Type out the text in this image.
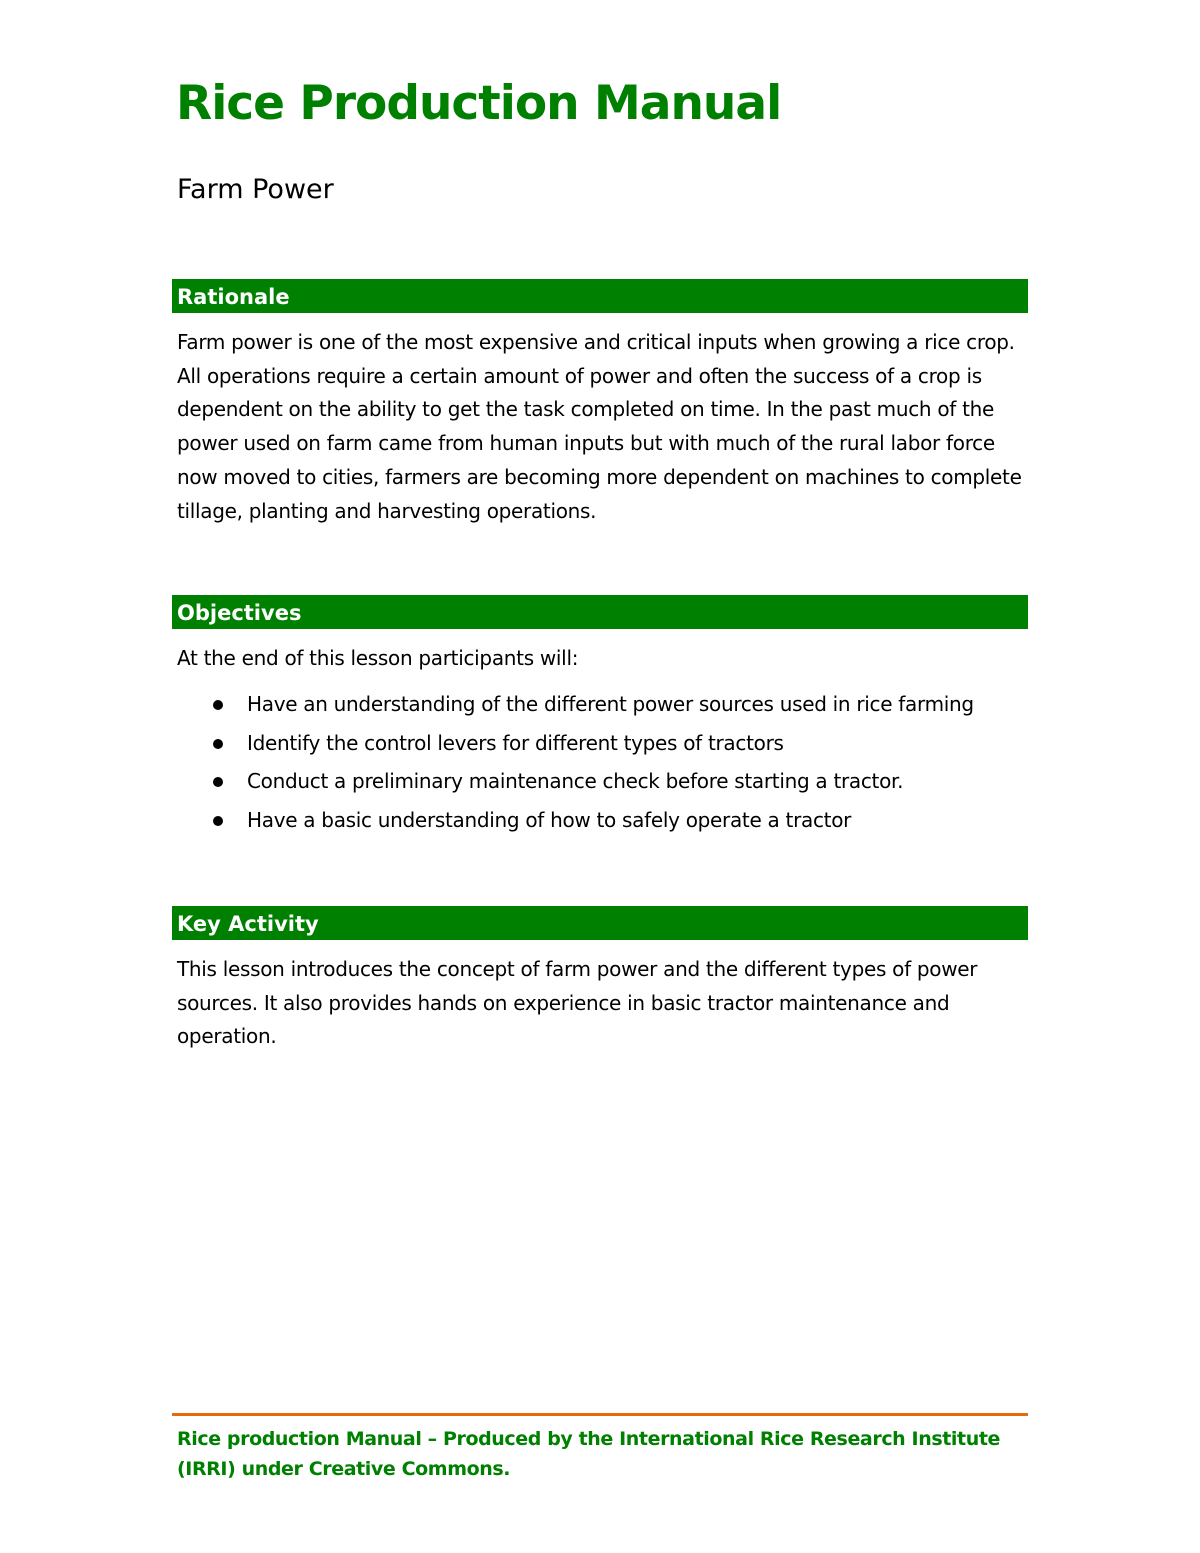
Rice Production Manual
Farm Power
Rationale

Farm power is one of the most expensive and critical inputs when growing a rice crop. All operations require a certain amount of power and often the success of a crop is dependent on the ability to get the task completed on time. In the past much of the power used on farm came from human inputs but with much of the rural labor force now moved to cities, farmers are becoming more dependent on machines to complete tillage, planting and harvesting operations.

Objectives

At the end of this lesson participants will:

Have an understanding of the different power sources used in rice farming
Identify the control levers for different types of tractors
Conduct a preliminary maintenance check before starting a tractor.
Have a basic understanding of how to safely operate a tractor
Key Activity

This lesson introduces the concept of farm power and the different types of power sources. It also provides hands on experience in basic tractor maintenance and operation.

Rice production Manual – Produced by the International Rice Research Institute (IRRI) under Creative Commons.
